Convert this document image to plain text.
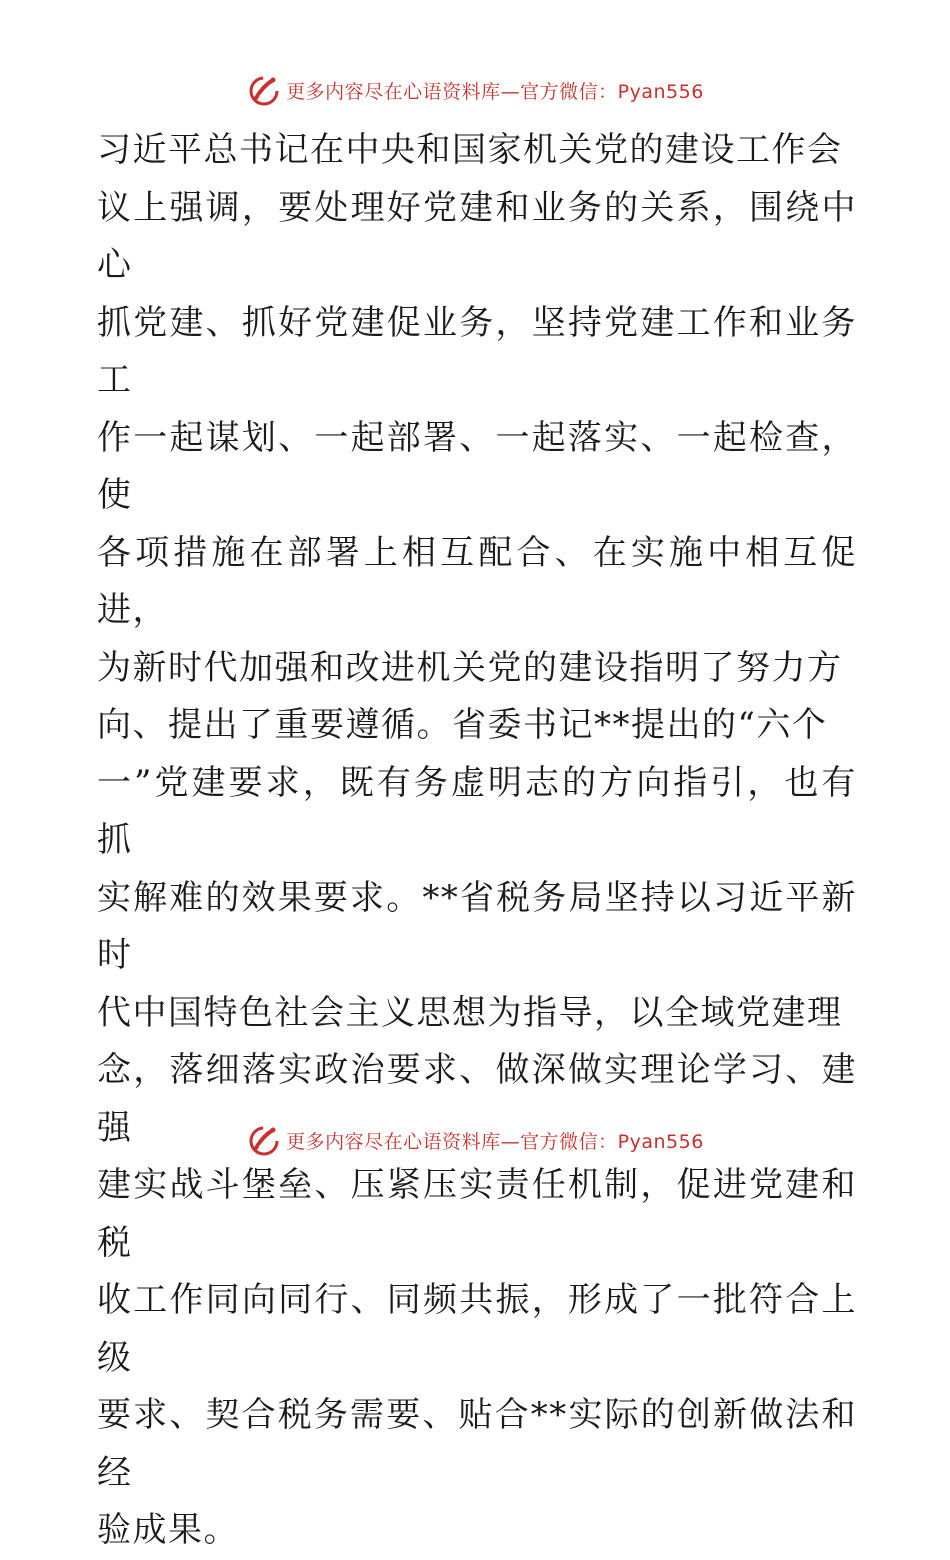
更多内容尽在心语资料库 —官方微信：Pyan556

习近平总书记在中央和国家机关党的建设工作会
议上强调，要处理好党建和业务的关系，围绕中心
抓党建、抓好党建促业务，坚持党建工作和业务工
作一起谋划、一起部署、一起落实、一起检查，使
各项措施在部署上相互配合、在实施中相互促进，
为新时代加强和改进机关党的建设指明了努力方
向、提出了重要遵循。省委书记**提出的“六个
一”党建要求，既有务虚明志的方向指引，也有抓
实解难的效果要求。**省税务局坚持以习近平新时
代中国特色社会主义思想为指导，以全域党建理
念，落细落实政治要求、做深做实理论学习、建强
建实战斗堡垒、压紧压实责任机制，促进党建和税
收工作同向同行、同频共振，形成了一批符合上级
要求、契合税务需要、贴合**实际的创新做法和经
验成果。

更多内容尽在心语资料库 —官方微信：Pyan556
